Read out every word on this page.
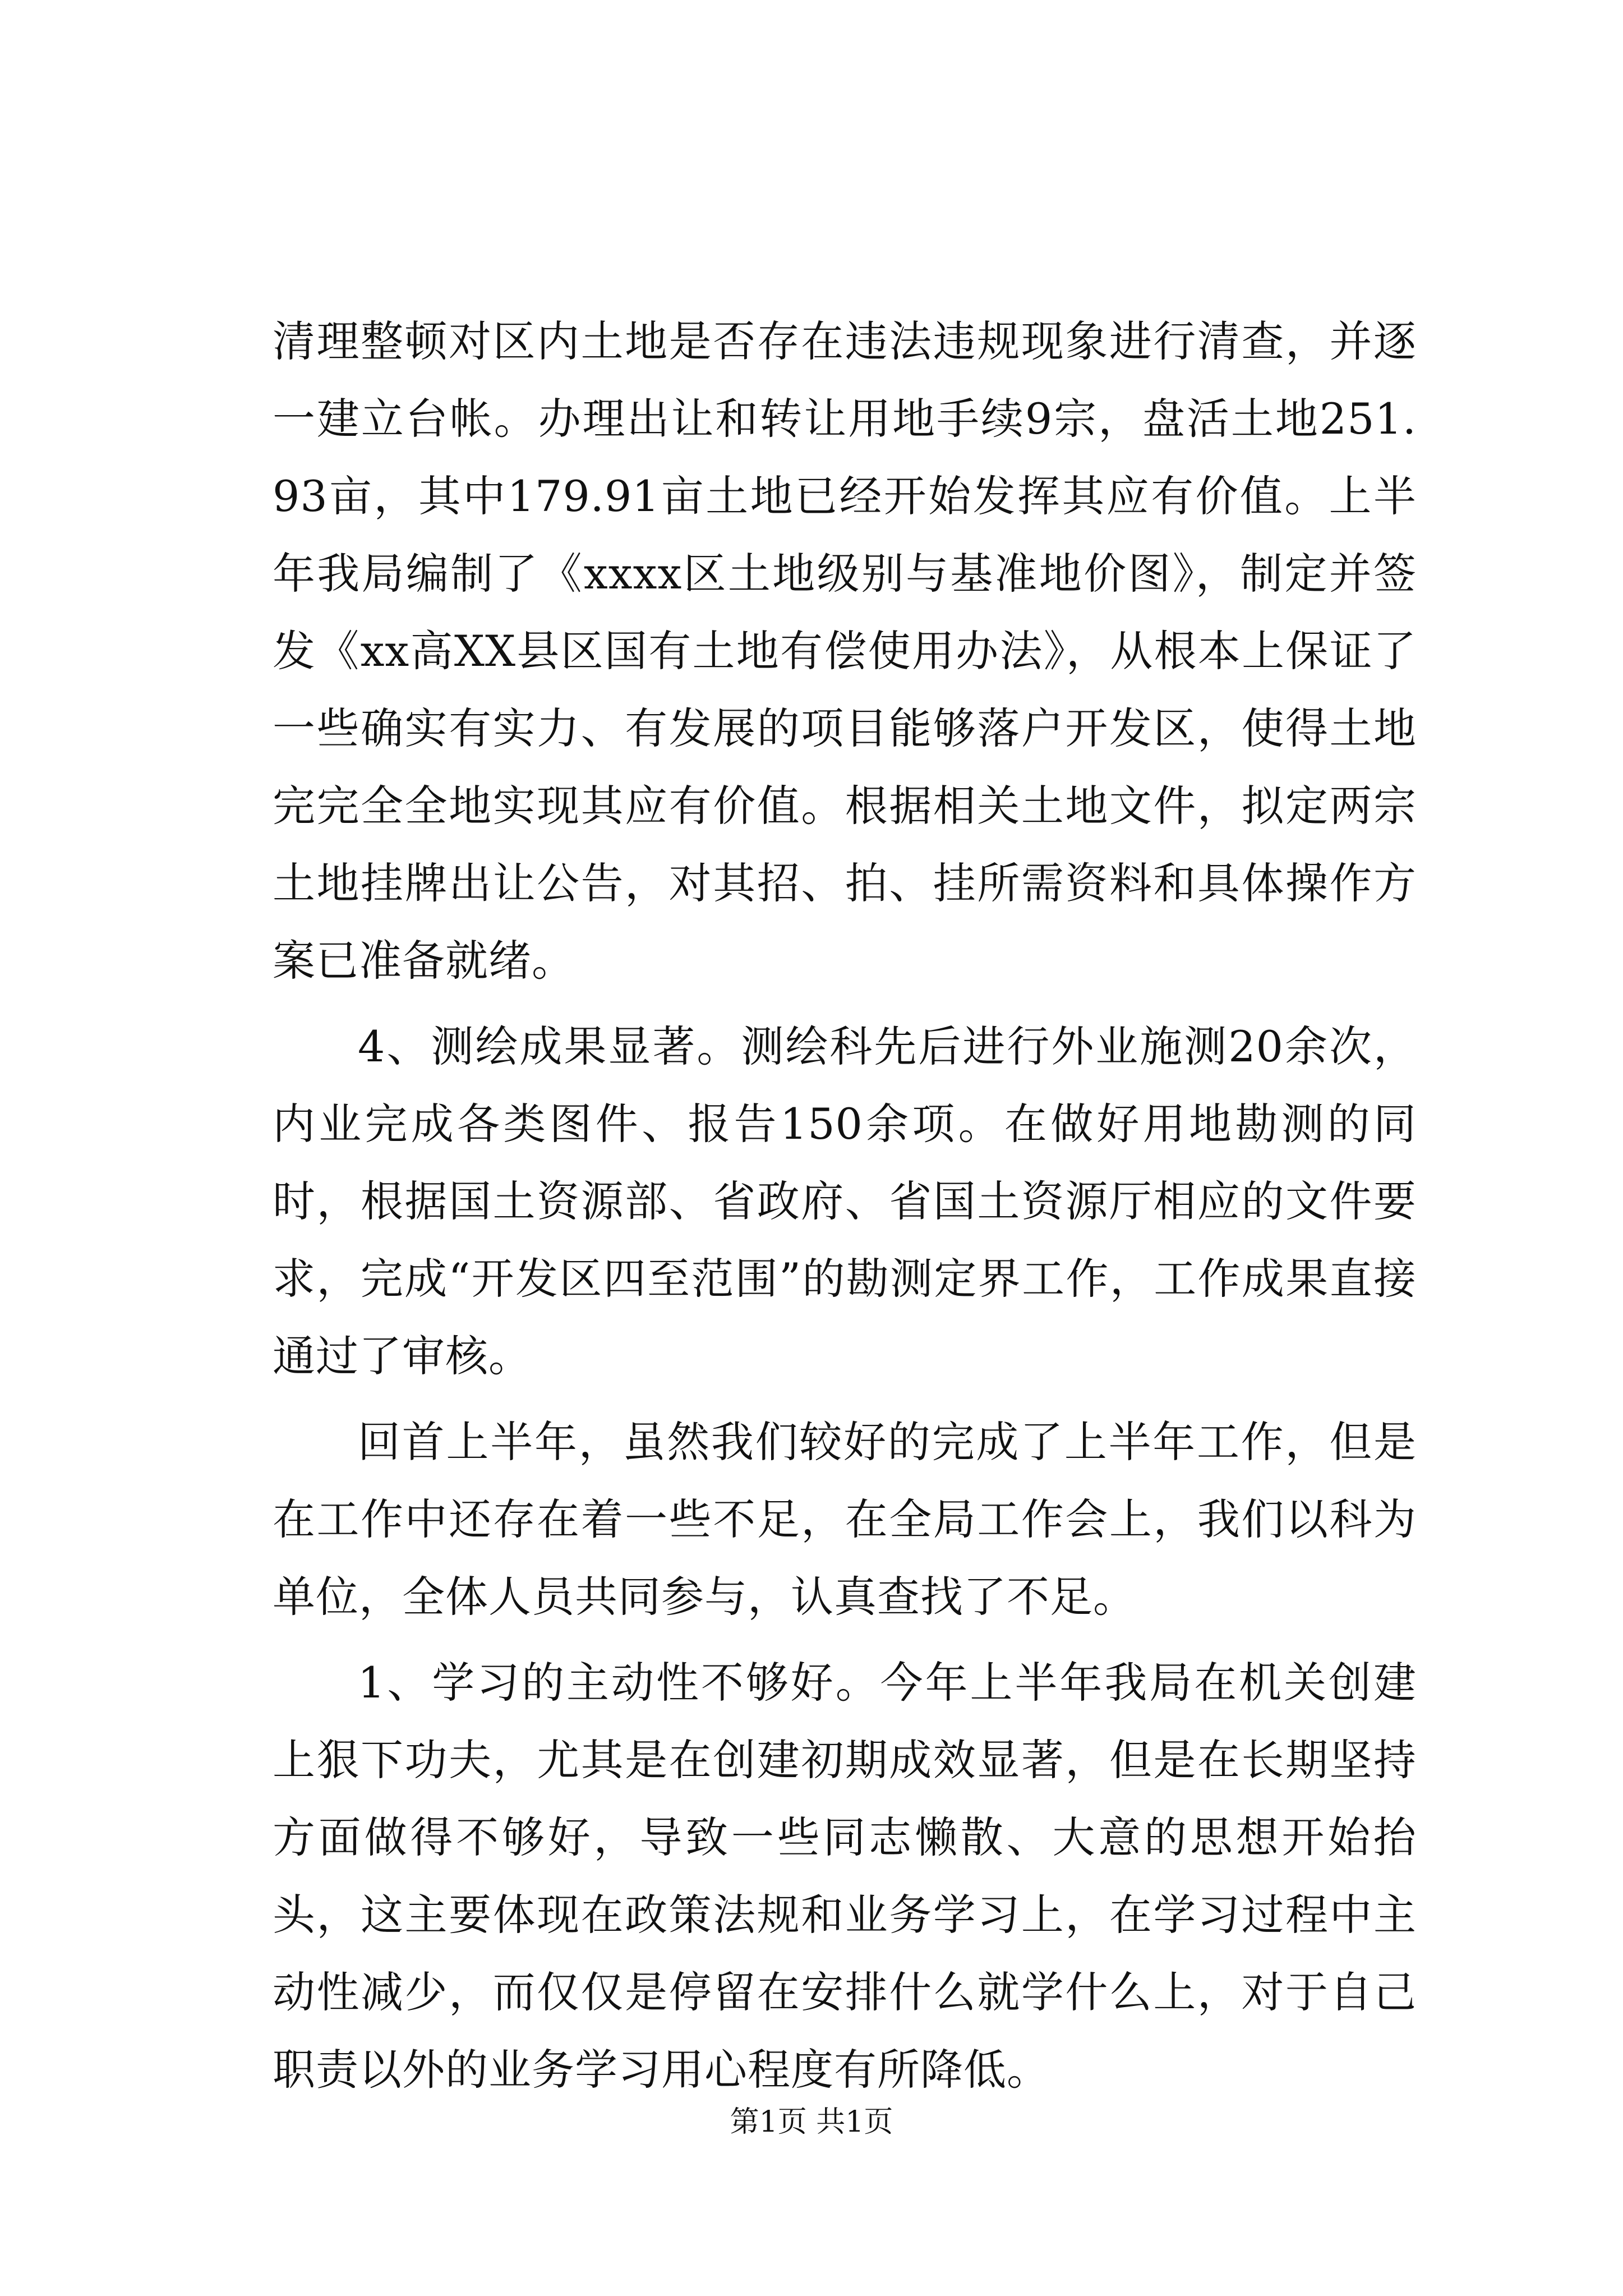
清理整顿对区内土地是否存在违法违规现象进行清查，并逐一建立台帐。办理出让和转让用地手续9宗，盘活土地251.93亩，其中179.91亩土地已经开始发挥其应有价值。上半年我局编制了《xxxx区土地级别与基准地价图》，制定并签发《xx高XX县区国有土地有偿使用办法》，从根本上保证了一些确实有实力、有发展的项目能够落户开发区，使得土地完完全全地实现其应有价值。根据相关土地文件，拟定两宗土地挂牌出让公告，对其招、拍、挂所需资料和具体操作方案已准备就绪。

4、测绘成果显著。测绘科先后进行外业施测20余次，内业完成各类图件、报告150余项。在做好用地勘测的同时，根据国土资源部、省政府、省国土资源厅相应的文件要求，完成“开发区四至范围”的勘测定界工作，工作成果直接通过了审核。

回首上半年，虽然我们较好的完成了上半年工作，但是在工作中还存在着一些不足，在全局工作会上，我们以科为单位，全体人员共同参与，认真查找了不足。

1、学习的主动性不够好。今年上半年我局在机关创建上狠下功夫，尤其是在创建初期成效显著，但是在长期坚持方面做得不够好，导致一些同志懒散、大意的思想开始抬头，这主要体现在政策法规和业务学习上，在学习过程中主动性减少，而仅仅是停留在安排什么就学什么上，对于自己职责以外的业务学习用心程度有所降低。

第1页 共1页
